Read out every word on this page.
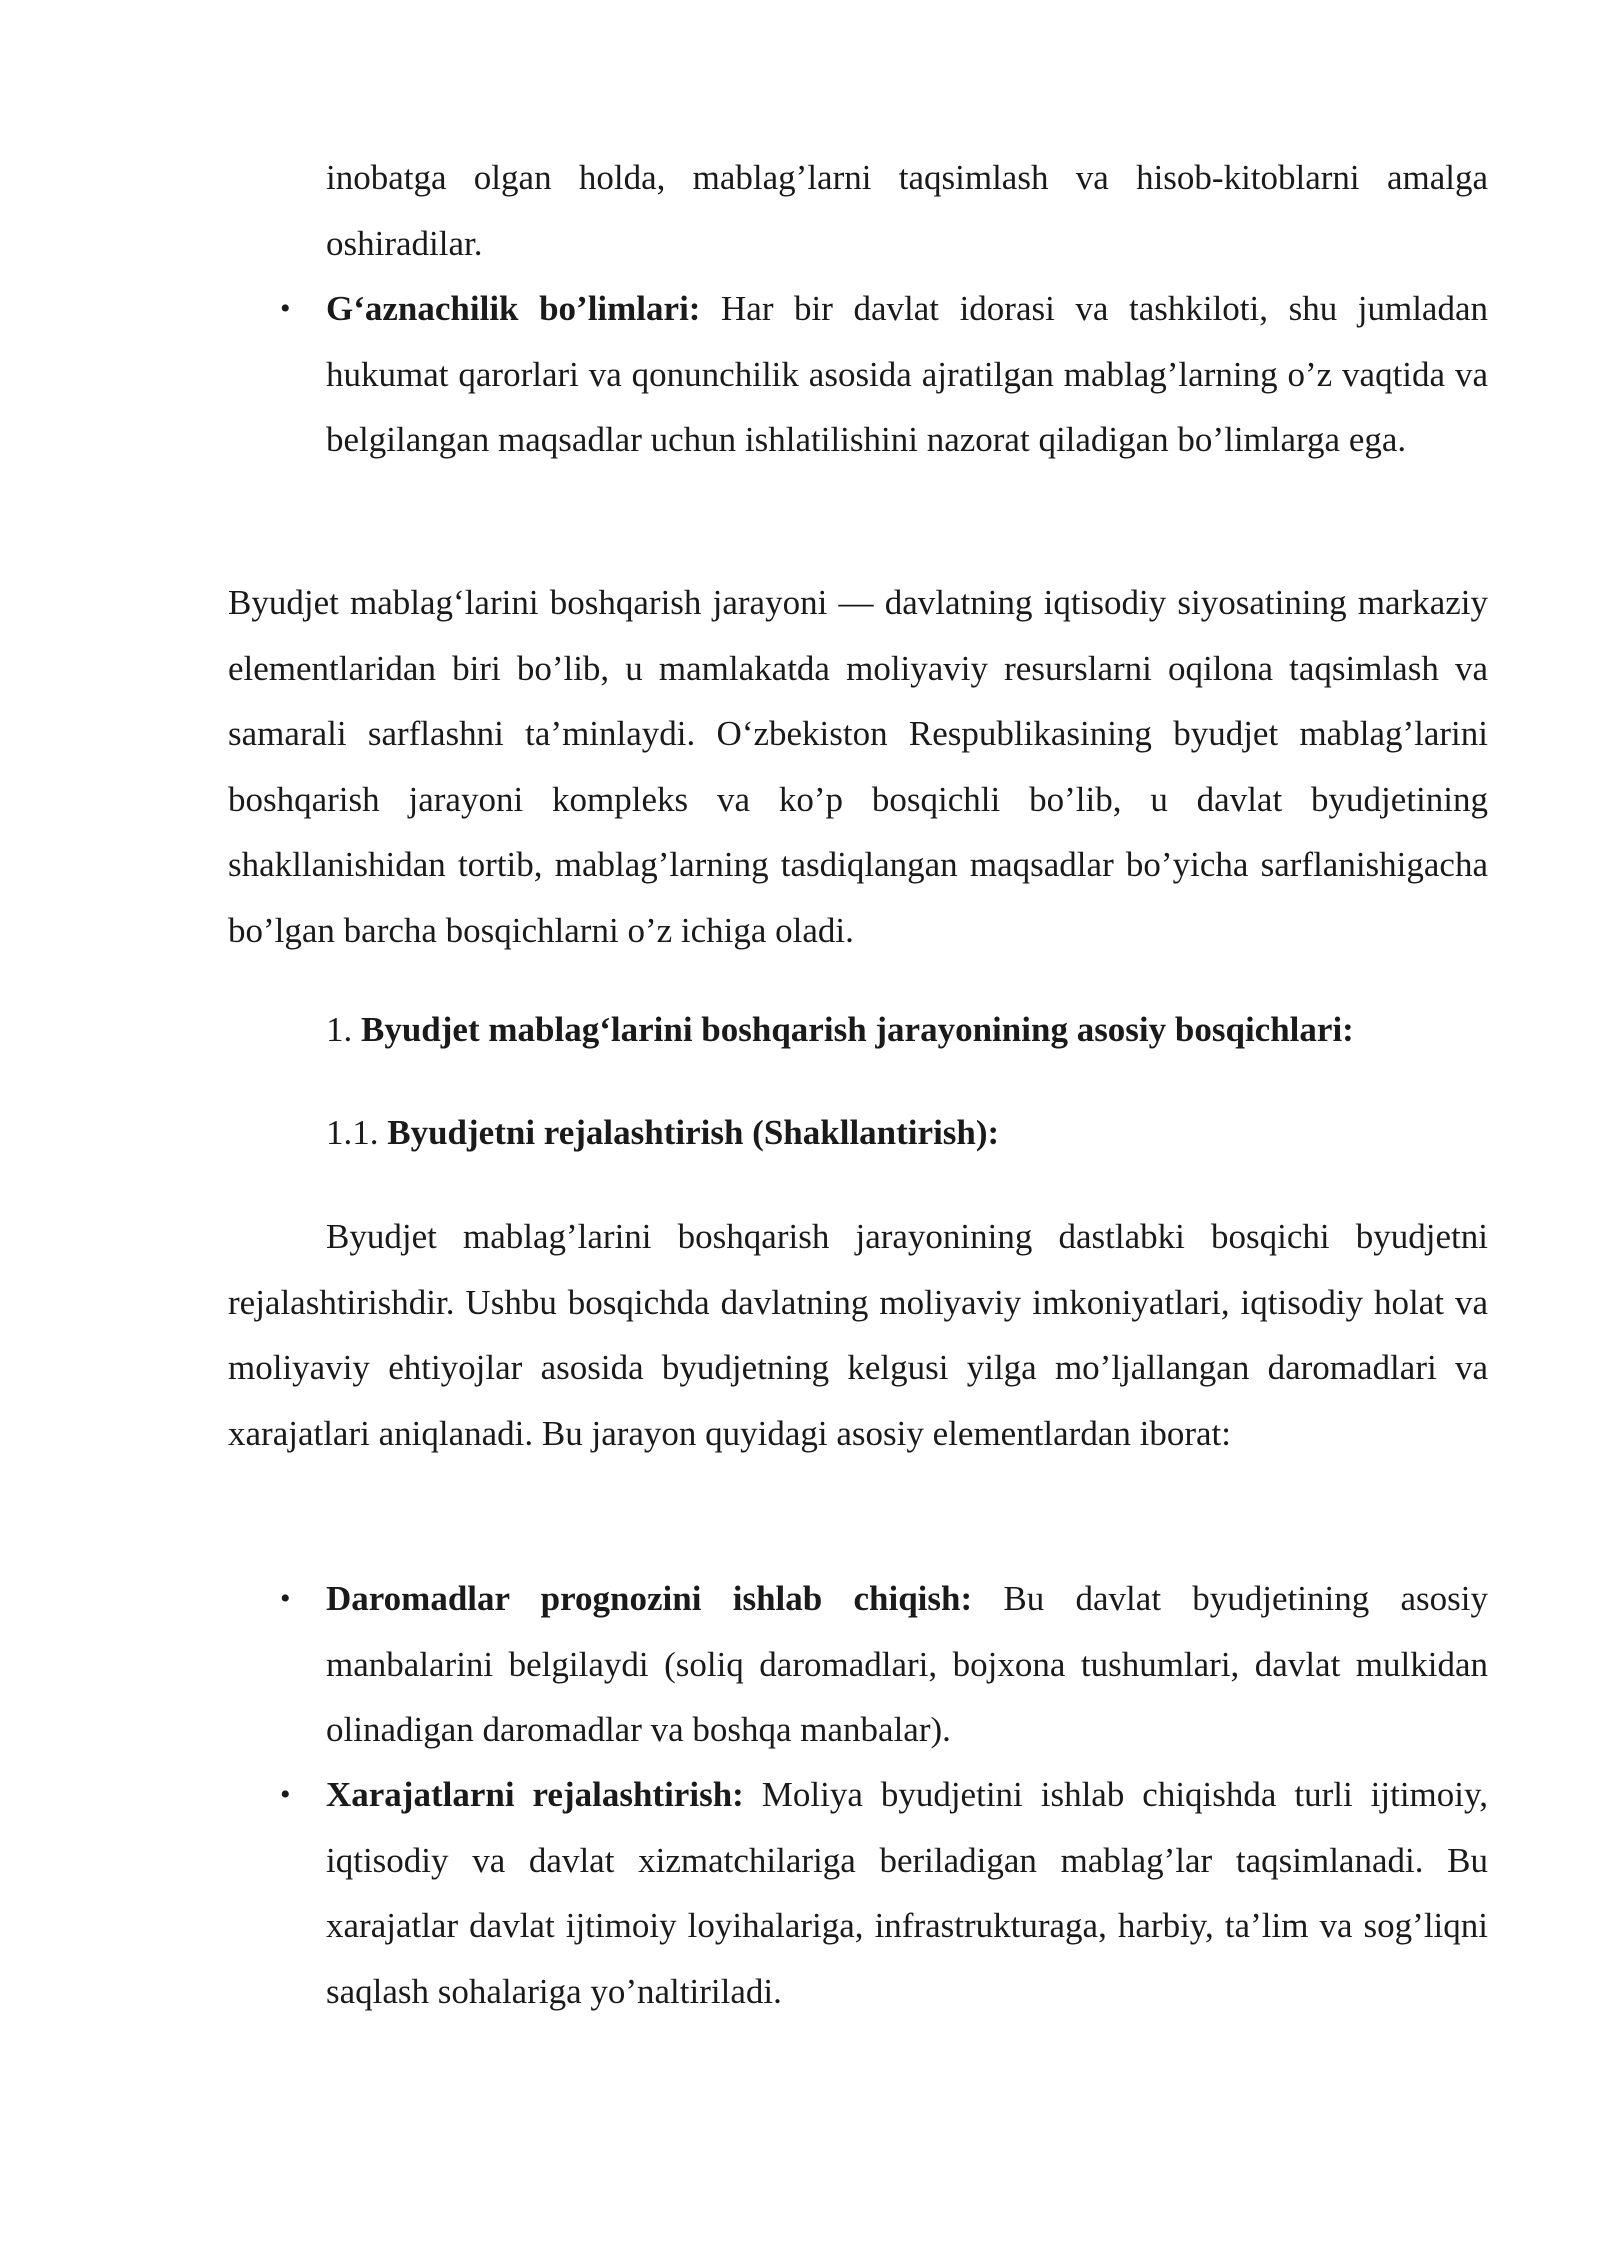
inobatga olgan holda, mablag’larni taqsimlash va hisob-kitoblarni amalga oshiradilar.

•	G‘aznachilik bo’limlari: Har bir davlat idorasi va tashkiloti, shu jumladan hukumat qarorlari va qonunchilik asosida ajratilgan mablag’larning o’z vaqtida va belgilangan maqsadlar uchun ishlatilishini nazorat qiladigan bo’limlarga ega.

Byudjet mablag‘larini boshqarish jarayoni — davlatning iqtisodiy siyosatining markaziy elementlaridan biri bo’lib, u mamlakatda moliyaviy resurslarni oqilona taqsimlash va samarali sarflashni ta’minlaydi. O‘zbekiston Respublikasining byudjet mablag’larini boshqarish jarayoni kompleks va ko’p bosqichli bo’lib, u davlat byudjetining shakllanishidan tortib, mablag’larning tasdiqlangan maqsadlar bo’yicha sarflanishigacha bo’lgan barcha bosqichlarni o’z ichiga oladi.

1. Byudjet mablag‘larini boshqarish jarayonining asosiy bosqichlari:

1.1. Byudjetni rejalashtirish (Shakllantirish):

Byudjet mablag’larini boshqarish jarayonining dastlabki bosqichi byudjetni rejalashtirishdir. Ushbu bosqichda davlatning moliyaviy imkoniyatlari, iqtisodiy holat va moliyaviy ehtiyojlar asosida byudjetning kelgusi yilga mo’ljallangan daromadlari va xarajatlari aniqlanadi. Bu jarayon quyidagi asosiy elementlardan iborat:

•	Daromadlar prognozini ishlab chiqish: Bu davlat byudjetining asosiy manbalarini belgilaydi (soliq daromadlari, bojxona tushumlari, davlat mulkidan olinadigan daromadlar va boshqa manbalar).

•	Xarajatlarni rejalashtirish: Moliya byudjetini ishlab chiqishda turli ijtimoiy, iqtisodiy va davlat xizmatchilariga beriladigan mablag’lar taqsimlanadi. Bu xarajatlar davlat ijtimoiy loyihalariga, infrastrukturaga, harbiy, ta’lim va sog’liqni saqlash sohalariga yo’naltiriladi.
